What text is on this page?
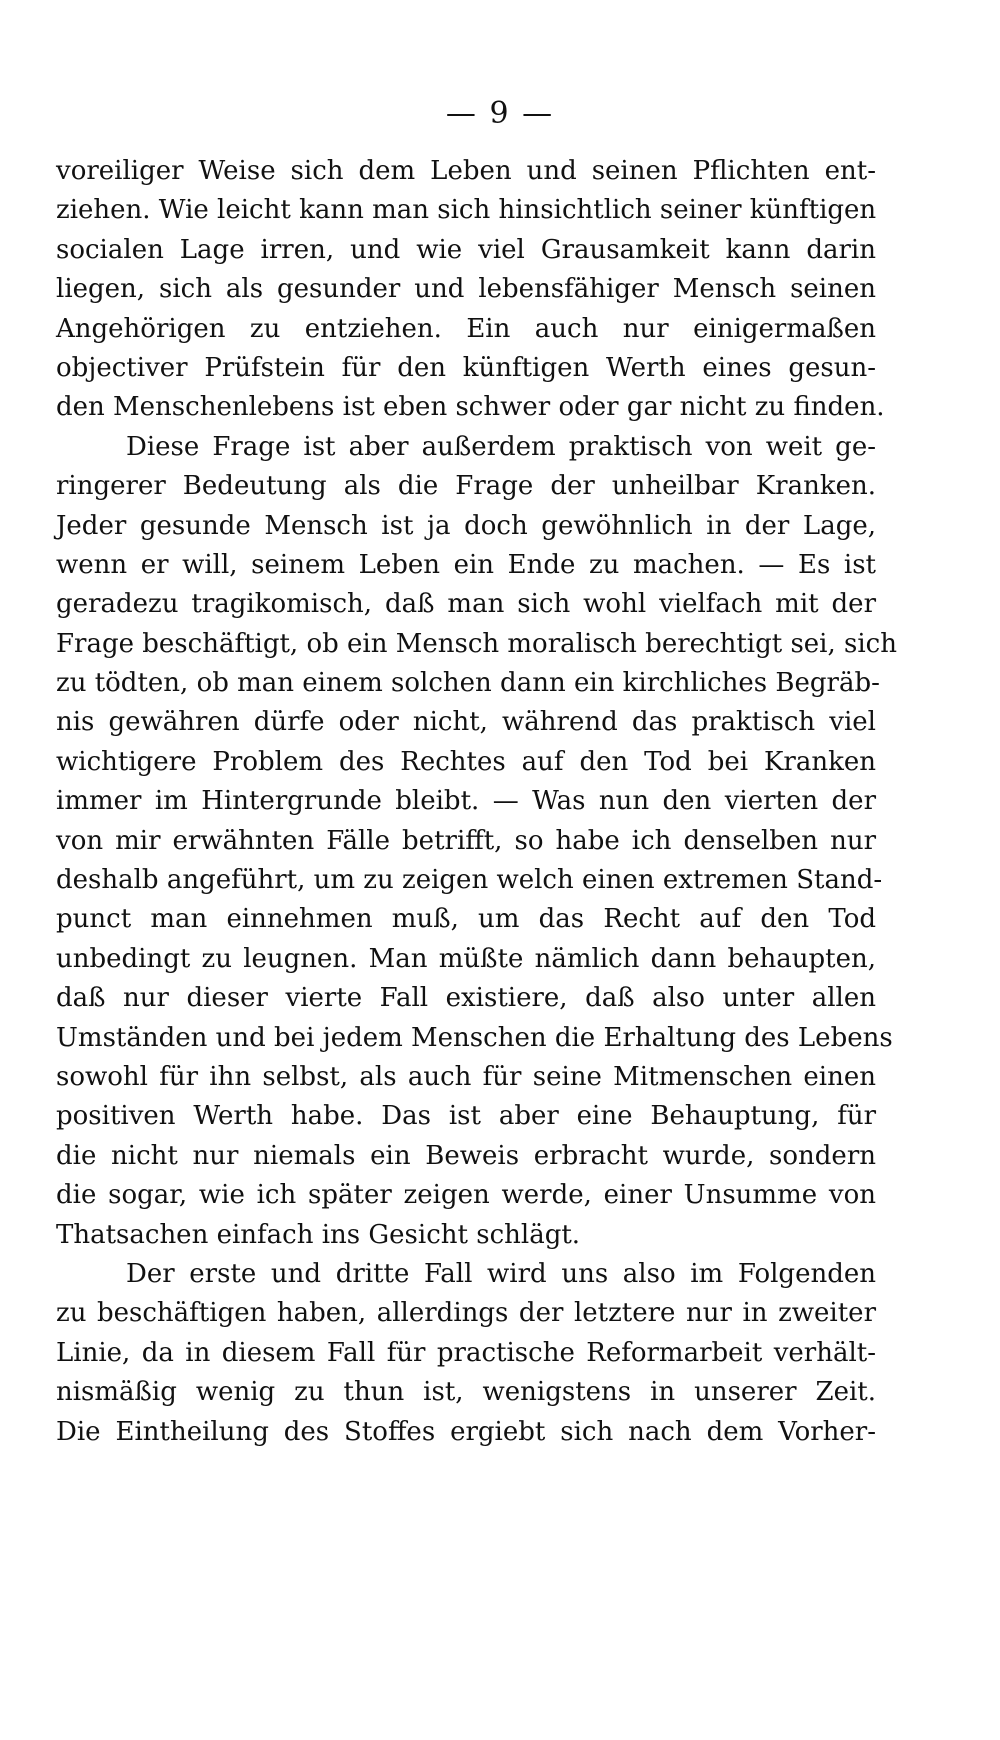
— 9 —
voreiliger Weise sich dem Leben und seinen Pflichten ent-
ziehen. Wie leicht kann man sich hinsichtlich seiner künftigen
socialen Lage irren, und wie viel Grausamkeit kann darin
liegen, sich als gesunder und lebensfähiger Mensch seinen
Angehörigen zu entziehen. Ein auch nur einigermaßen
objectiver Prüfstein für den künftigen Werth eines gesun-
den Menschenlebens ist eben schwer oder gar nicht zu finden.
Diese Frage ist aber außerdem praktisch von weit ge-
ringerer Bedeutung als die Frage der unheilbar Kranken.
Jeder gesunde Mensch ist ja doch gewöhnlich in der Lage,
wenn er will, seinem Leben ein Ende zu machen. — Es ist
geradezu tragikomisch, daß man sich wohl vielfach mit der
Frage beschäftigt, ob ein Mensch moralisch berechtigt sei, sich
zu tödten, ob man einem solchen dann ein kirchliches Begräb-
nis gewähren dürfe oder nicht, während das praktisch viel
wichtigere Problem des Rechtes auf den Tod bei Kranken
immer im Hintergrunde bleibt. — Was nun den vierten der
von mir erwähnten Fälle betrifft, so habe ich denselben nur
deshalb angeführt, um zu zeigen welch einen extremen Stand-
punct man einnehmen muß, um das Recht auf den Tod
unbedingt zu leugnen. Man müßte nämlich dann behaupten,
daß nur dieser vierte Fall existiere, daß also unter allen
Umständen und bei jedem Menschen die Erhaltung des Lebens
sowohl für ihn selbst, als auch für seine Mitmenschen einen
positiven Werth habe. Das ist aber eine Behauptung, für
die nicht nur niemals ein Beweis erbracht wurde, sondern
die sogar, wie ich später zeigen werde, einer Unsumme von
Thatsachen einfach ins Gesicht schlägt.
Der erste und dritte Fall wird uns also im Folgenden
zu beschäftigen haben, allerdings der letztere nur in zweiter
Linie, da in diesem Fall für practische Reformarbeit verhält-
nismäßig wenig zu thun ist, wenigstens in unserer Zeit.
Die Eintheilung des Stoffes ergiebt sich nach dem Vorher-
